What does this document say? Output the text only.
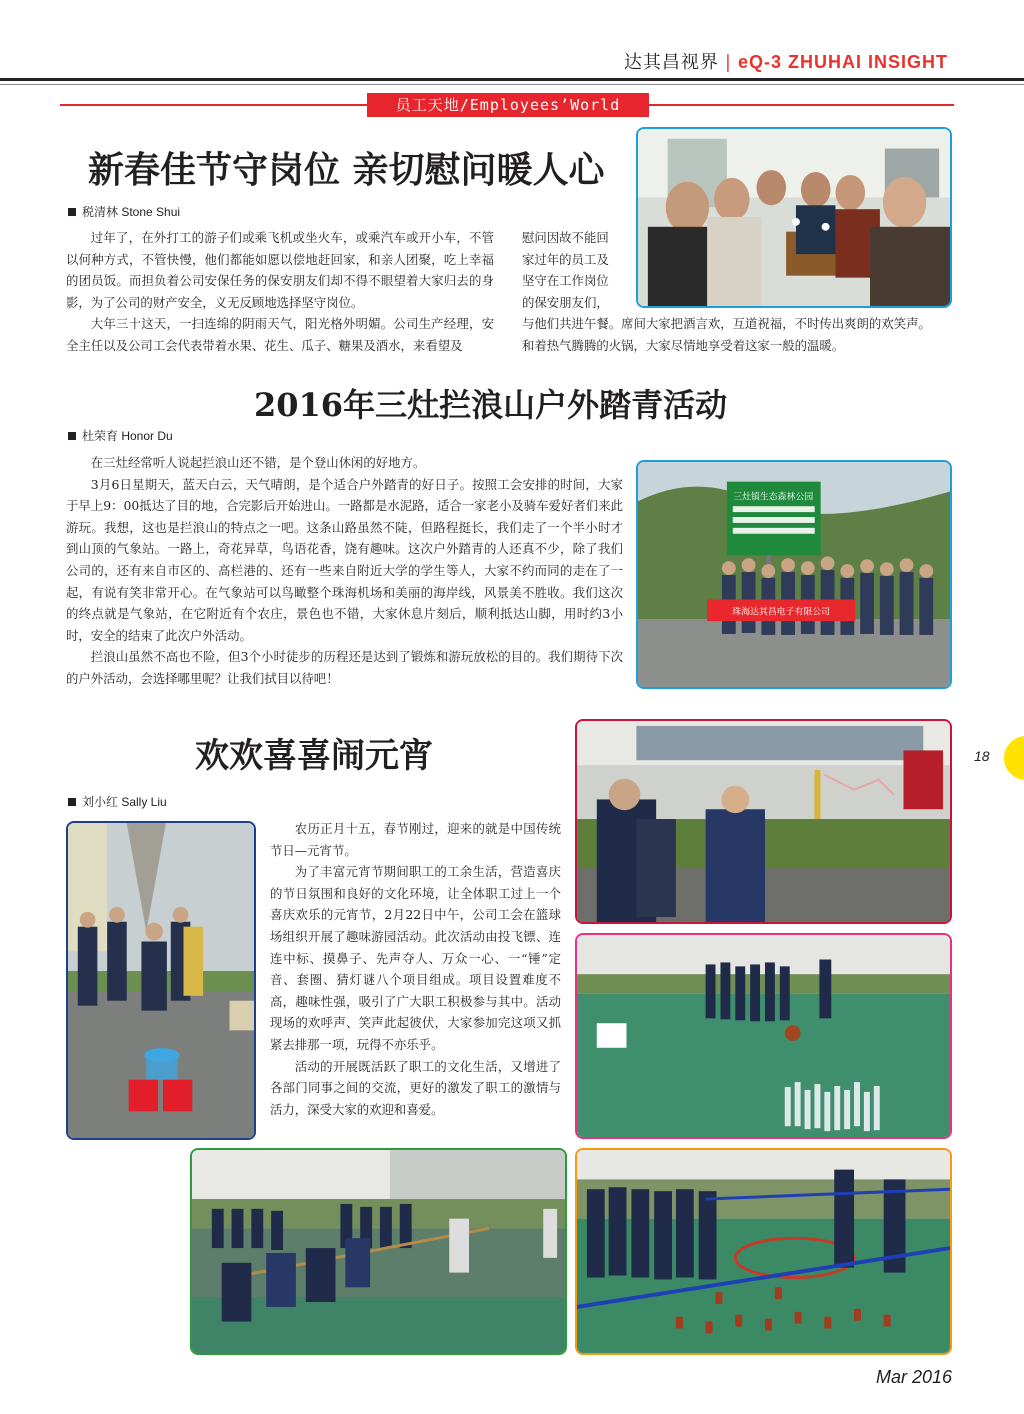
达其昌视界 | eQ-3 ZHUHAI INSIGHT
员工天地/Employees’World
新春佳节守岗位 亲切慰问暖人心
税清林 Stone Shui

过年了，在外打工的游子们或乘飞机或坐火车，或乘汽车或开小车，不管以何种方式，不管快慢，他们都能如愿以偿地赶回家，和亲人团聚，吃上幸福的团员饭。而担负着公司安保任务的保安朋友们却不得不眼望着大家归去的身影，为了公司的财产安全，义无反顾地选择坚守岗位。

大年三十这天，一扫连绵的阴雨天气，阳光格外明媚。公司生产经理，安全主任以及公司工会代表带着水果、花生、瓜子、糖果及酒水，来看望及

慰问因故不能回
家过年的员工及
坚守在工作岗位
的保安朋友们，
与他们共进午餐。席间大家把酒言欢，互道祝福，不时传出爽朗的欢笑声。
和着热气腾腾的火锅，大家尽情地享受着这家一般的温暖。
2016年三灶拦浪山户外踏青活动
杜荣育 Honor Du

在三灶经常听人说起拦浪山还不错，是个登山休闲的好地方。

3月6日星期天，蓝天白云，天气晴朗，是个适合户外踏青的好日子。按照工会安排的时间，大家于早上9：00抵达了目的地，合完影后开始进山。一路都是水泥路，适合一家老小及骑车爱好者们来此游玩。我想，这也是拦浪山的特点之一吧。这条山路虽然不陡，但路程挺长，我们走了一个半小时才到山顶的气象站。一路上，奇花异草，鸟语花香，饶有趣味。这次户外踏青的人还真不少，除了我们公司的，还有来自市区的、高栏港的、还有一些来自附近大学的学生等人，大家不约而同的走在了一起，有说有笑非常开心。在气象站可以鸟瞰整个珠海机场和美丽的海岸线，风景美不胜收。我们这次的终点就是气象站，在它附近有个农庄，景色也不错，大家休息片刻后，顺利抵达山脚，用时约3小时，安全的结束了此次户外活动。

拦浪山虽然不高也不险，但3个小时徒步的历程还是达到了锻炼和游玩放松的目的。我们期待下次的户外活动，会选择哪里呢？让我们拭目以待吧！

三灶镇生态森林公园
珠海达其昌电子有限公司
欢欢喜喜闹元宵
刘小红 Sally Liu

农历正月十五，春节刚过，迎来的就是中国传统节日—元宵节。

为了丰富元宵节期间职工的工余生活，营造喜庆的节日氛围和良好的文化环境，让全体职工过上一个喜庆欢乐的元宵节，2月22日中午，公司工会在篮球场组织开展了趣味游园活动。此次活动由投飞镖、连连中标、摸鼻子、先声夺人、万众一心、一“锤”定音、套圈、猜灯谜八个项目组成。项目设置难度不高，趣味性强，吸引了广大职工积极参与其中。活动现场的欢呼声、笑声此起彼伏，大家参加完这项又抓紧去排那一项，玩得不亦乐乎。

活动的开展既活跃了职工的文化生活，又增进了各部门同事之间的交流，更好的激发了职工的激情与活力，深受大家的欢迎和喜爱。

18
Mar 2016
